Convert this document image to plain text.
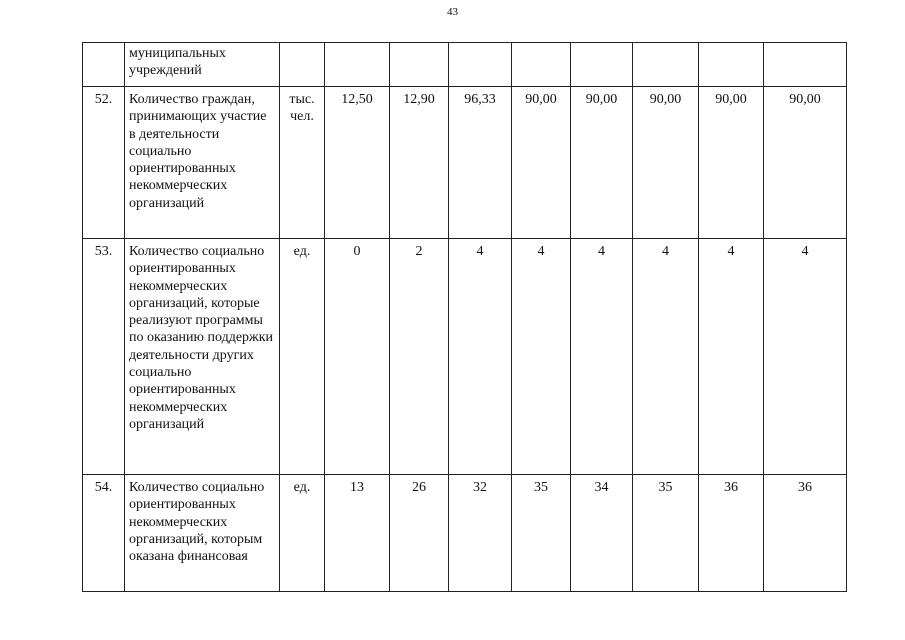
43
	муниципальных учреждений									
52.	Количество граждан, принимающих участие в деятельности социально ориентированных некоммерческих организаций	тыс. чел.	12,50	12,90	96,33	90,00	90,00	90,00	90,00	90,00
53.	Количество социально ориентированных некоммерческих организаций, которые реализуют программы по оказанию поддержки деятельности других социально ориентированных некоммерческих организаций	ед.	0	2	4	4	4	4	4	4
54.	Количество социально ориентированных некоммерческих организаций, которым оказана финансовая	ед.	13	26	32	35	34	35	36	36
